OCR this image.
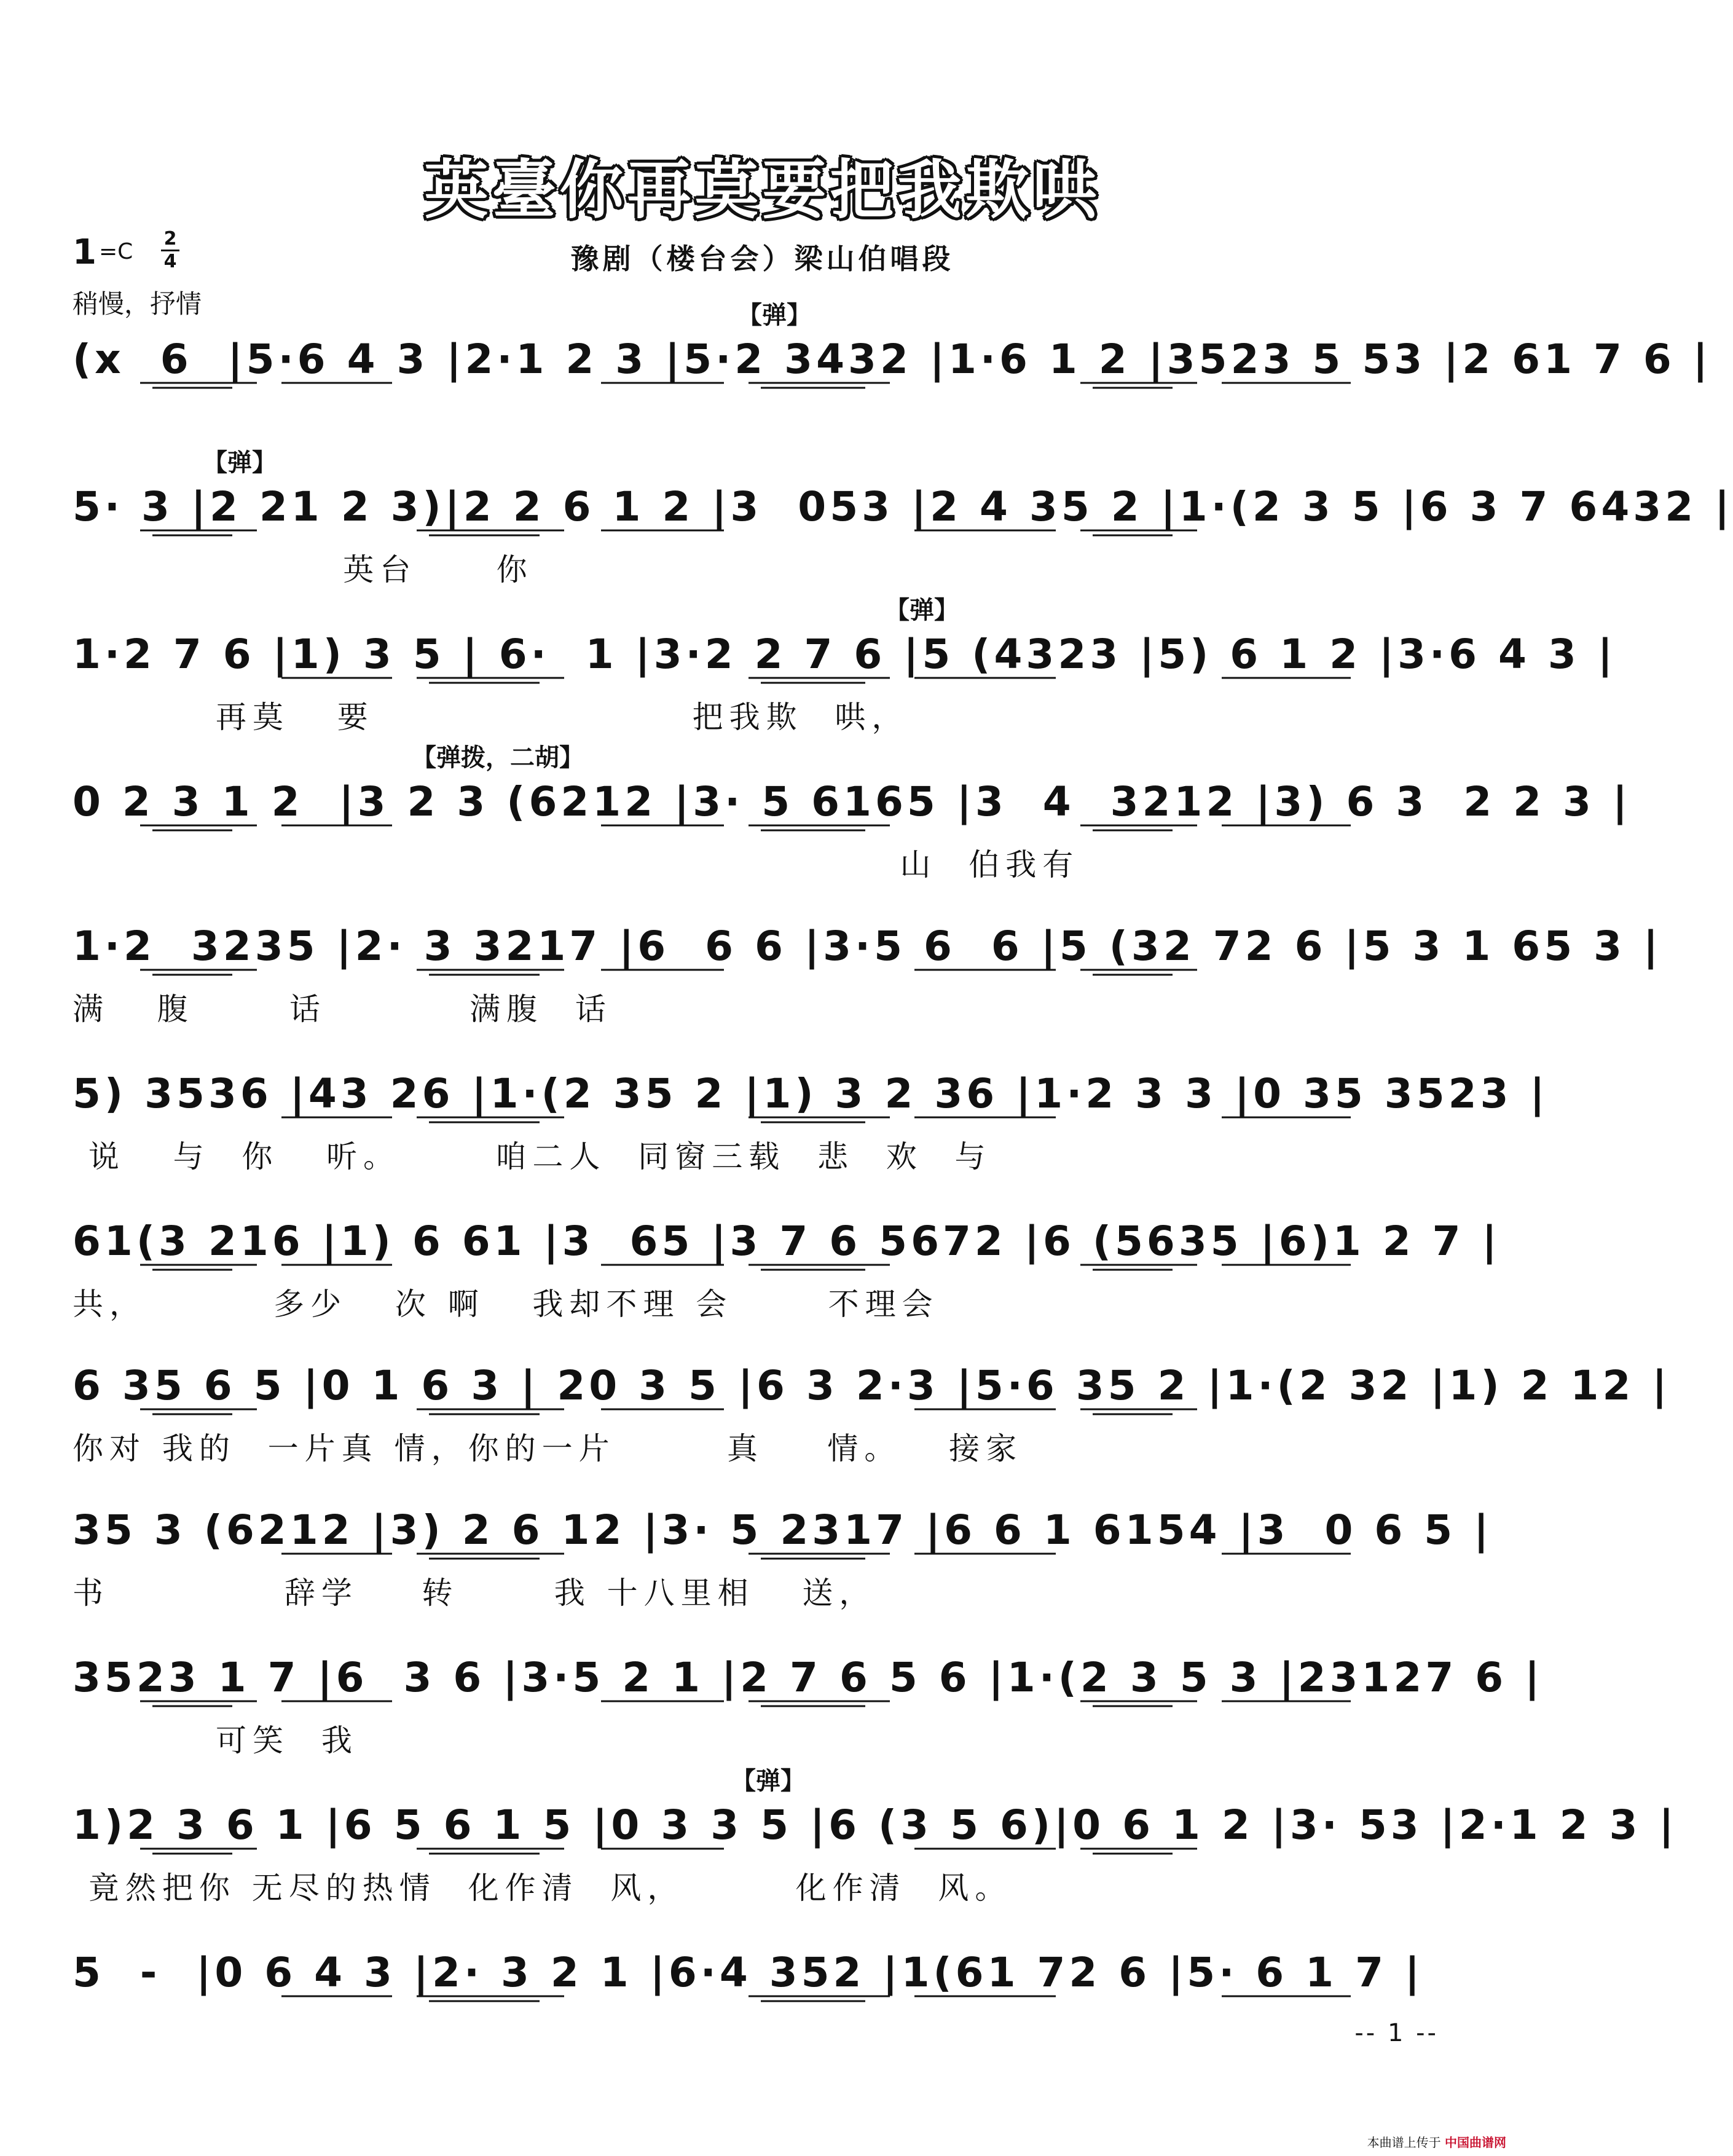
英臺你再莫要把我欺哄
豫剧（楼台会）梁山伯唱段
1 =C
2
4
稍慢，抒情
(x  6  |5·6 4 3 |2·1 2 3 |5·2 3432 |1·6 1 2 |3523 5 53 |2 61 7 6 |
【弹】
5· 3 |2 21 2 3)|2 2 6 1 2 |3  053 |2 4 35 2 |1·(2 3 5 |6 3 7 6432 |
英台     你
【弹】
1·2 7 6 |1) 3 5 | 6·  1 |3·2 2 7 6 |5 (4323 |5) 6 1 2 |3·6 4 3 |
再莫   要                    把我欺  哄，
【弹】
0 2 3 1 2  |3 2 3 (6212 |3· 5 6165 |3  4  3212 |3) 6 3  2 2 3 |
山  伯我有
【弹拨，二胡】
1·2  3235 |2· 3 3217 |6  6 6 |3·5 6  6 |5 (32 72 6 |5 3 1 65 3 |
满   腹      话         满腹  话
5) 3536 |43 26 |1·(2 35 2 |1) 3 2 36 |1·2 3 3 |0 35 3523 |
说   与  你   听。      咱二人  同窗三载  悲  欢  与
61(3 216 |1) 6 61 |3  65 |3 7 6 5672 |6 (5635 |6)1 2 7 |
共，        多少   次 啊   我却不理 会      不理会
6 35 6 5 |0 1 6 3 | 20 3 5 |6 3 2·3 |5·6 35 2 |1·(2 32 |1) 2 12 |
你对 我的  一片真 情，你的一片       真    情。   接家
35 3 (6212 |3) 2 6 12 |3· 5 2317 |6 6 1 6154 |3  0 6 5 |
书           辞学    转      我 十八里相   送，
3523 1 7 |6  3 6 |3·5 2 1 |2 7 6 5 6 |1·(2 3 5 3 |23127 6 |
可笑  我
1)2 3 6 1 |6 5 6 1 5 |0 3 3 5 |6 (3 5 6)|0 6 1 2 |3· 53 |2·1 2 3 |
竟然把你 无尽的热情  化作清  风，       化作清  风。
【弹】
5  -  |0 6 4 3 |2· 3 2 1 |6·4 352 |1(61 72 6 |5· 6 1 7 |
-- 1 --
本曲谱上传于 中国曲谱网
